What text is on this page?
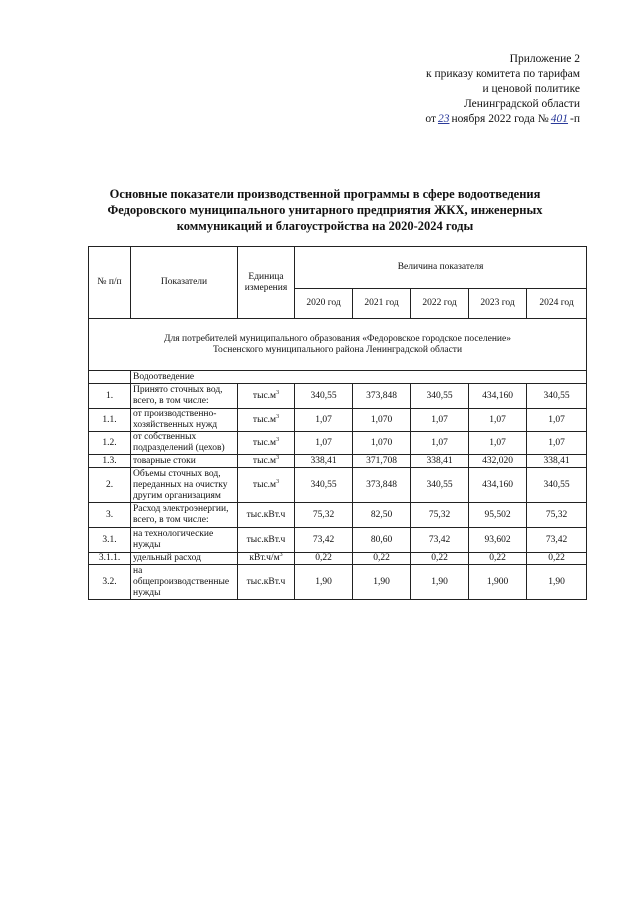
Приложение 2
к приказу комитета по тарифам
и ценовой политике
Ленинградской области
от 23 ноября 2022 года № 401 -п
Основные показатели производственной программы в сфере водоотведения
Федоровского муниципального унитарного предприятия ЖКХ, инженерных
коммуникаций и благоустройства на 2020-2024 годы
№ п/п	Показатели	Единица измерения	Величина показателя				
			2020 год	2021 год	2022 год	2023 год	2024 год
Для потребителей муниципального образования «Федоровское городское поселение»
Тосненского муниципального района Ленинградской области							
	Водоотведение						
1.	Принято сточных вод, всего, в том числе:	$тыс.м^3$	340,55	373,848	340,55	434,160	340,55
1.1.	от производственно-хозяйственных нужд	$тыс.м^3$	1,07	1,070	1,07	1,07	1,07
1.2.	от собственных подразделений (цехов)	$тыс.м^3$	1,07	1,070	1,07	1,07	1,07
1.3.	товарные стоки	$тыс.м^3$	338,41	371,708	338,41	432,020	338,41
2.	Объемы сточных вод, переданных на очистку другим организациям	$тыс.м^3$	340,55	373,848	340,55	434,160	340,55
3.	Расход электроэнергии, всего, в том числе:	тыс.кВт.ч	75,32	82,50	75,32	95,502	75,32
3.1.	на технологические нужды	тыс.кВт.ч	73,42	80,60	73,42	93,602	73,42
3.1.1.	удельный расход	$кВт.ч/м^3$	0,22	0,22	0,22	0,22	0,22
3.2.	на общепроизводственные нужды	тыс.кВт.ч	1,90	1,90	1,90	1,900	1,90
